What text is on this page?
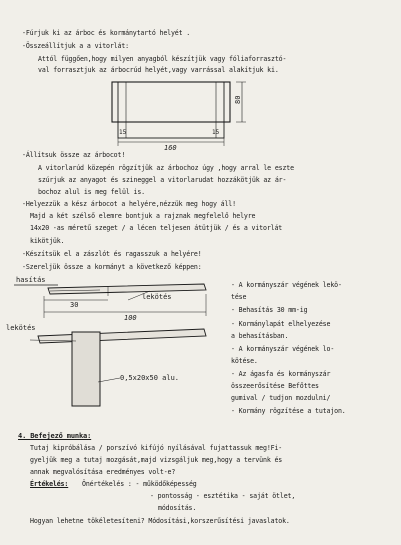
-Fúrjuk ki az árboc és kormánytartó helyét .
-Összeállítjuk a a vitorlát:
Attól függően,hogy milyen anyagból készítjük vagy fóliaforrasztó-
val forrasztjuk az árbocrúd helyét,vagy varrással alakítjuk ki.
-Állítsuk össze az árbocot!
A vitorlarúd közepén rögzítjük az árbochoz úgy ,hogy arral le eszte
szúrjuk az anyagot és szineggel a vitorlarudat hozzákötjük az ár-
bochoz alul is meg felül is.
-Helyezzük a kész árbocot a helyére,nézzük meg hogy áll!
Majd a két szélső elemre bontjuk a rajznak megfelelő helyre
14x20 -as méretű szeget / a lécen teljesen átütjük / és a vitorlát
kikötjük.
-Készítsük el a zászlót és ragasszuk a helyére!
-Szereljük össze a kormányt a következő képpen:
- A kormányszár végének lekö-
tése
- Behasítás 30 mm-ig
- Kormánylapát elhelyezése
a behasításban.
- A kormányszár végének lo-
kötése.
- Az ágasfa és kormányszár
összeerősítése Befőttes
gumival / tudjon mozdulni/
- Kormány rögzítése a tutajon.
4. Befejező munka:
Tutaj kipróbálása / porszívó kifújó nyílásával fujattassuk meg!Fi-
gyeljük meg a tutaj mozgását,majd vizsgáljuk meg,hogy a tervünk és
annak megvalósítása eredményes volt-e?
Értékelés: Önértékelés : - működőképesség
- pontosság - esztétika - saját ötlet,
módosítás.
Hogyan lehetne tökéletesíteni? Módosítási,korszerűsítési javaslatok.
80
15	15
160
hasítás
lekötés
30
100
lekötés
0,5x20x50 alu.
